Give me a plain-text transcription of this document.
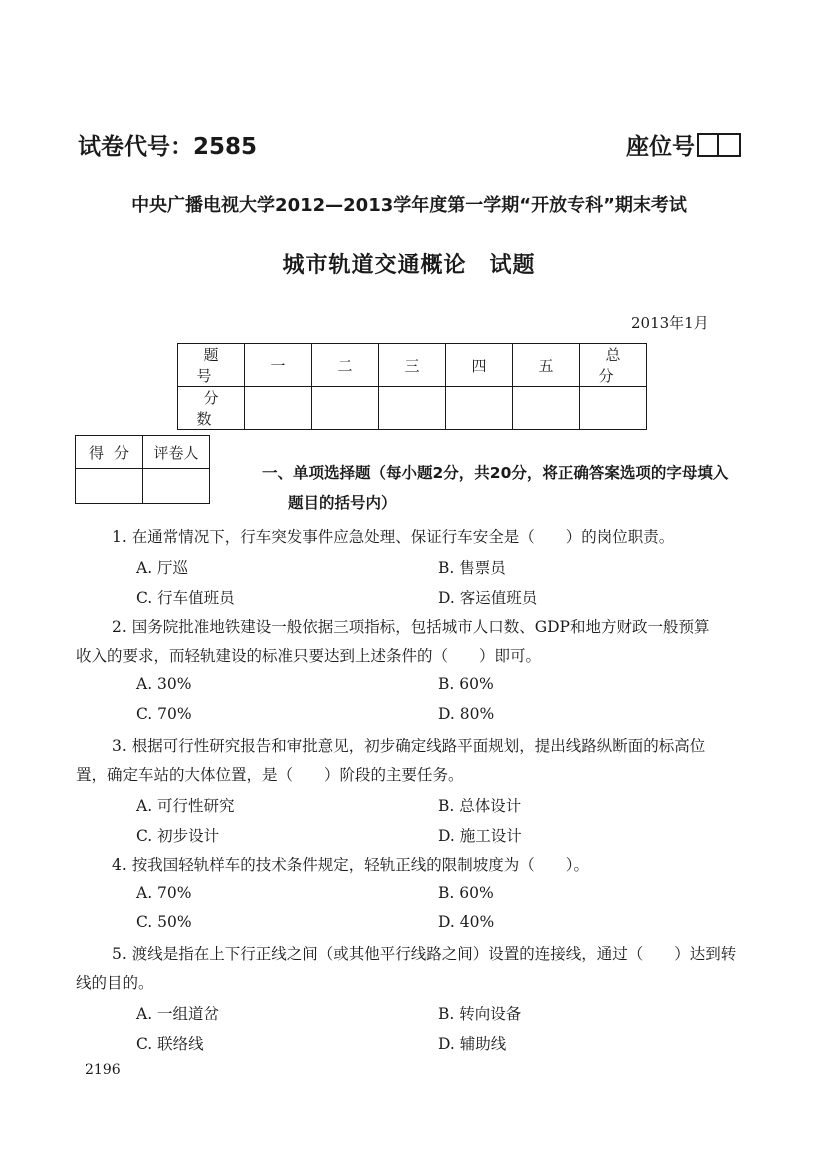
试卷代号：2585	座位号
中央广播电视大学2012—2013学年度第一学期“开放专科”期末考试
城市轨道交通概论　试题
2013年1月
题号	一	二	三	四	五	总分
分数						
得分	评卷人

一、单项选择题（每小题2分，共20分，将正确答案选项的字母填入
题目的括号内）
1. 在通常情况下，行车突发事件应急处理、保证行车安全是（　　）的岗位职责。
A. 厅巡	B. 售票员
C. 行车值班员	D. 客运值班员
2. 国务院批准地铁建设一般依据三项指标，包括城市人口数、GDP和地方财政一般预算
收入的要求，而轻轨建设的标准只要达到上述条件的（　　）即可。
A. 30%	B. 60%
C. 70%	D. 80%
3. 根据可行性研究报告和审批意见，初步确定线路平面规划，提出线路纵断面的标高位
置，确定车站的大体位置，是（　　）阶段的主要任务。
A. 可行性研究	B. 总体设计
C. 初步设计	D. 施工设计
4. 按我国轻轨样车的技术条件规定，轻轨正线的限制坡度为（　　）。
A. 70%	B. 60%
C. 50%	D. 40%
5. 渡线是指在上下行正线之间（或其他平行线路之间）设置的连接线，通过（　　）达到转
线的目的。
A. 一组道岔	B. 转向设备
C. 联络线	D. 辅助线
2196
